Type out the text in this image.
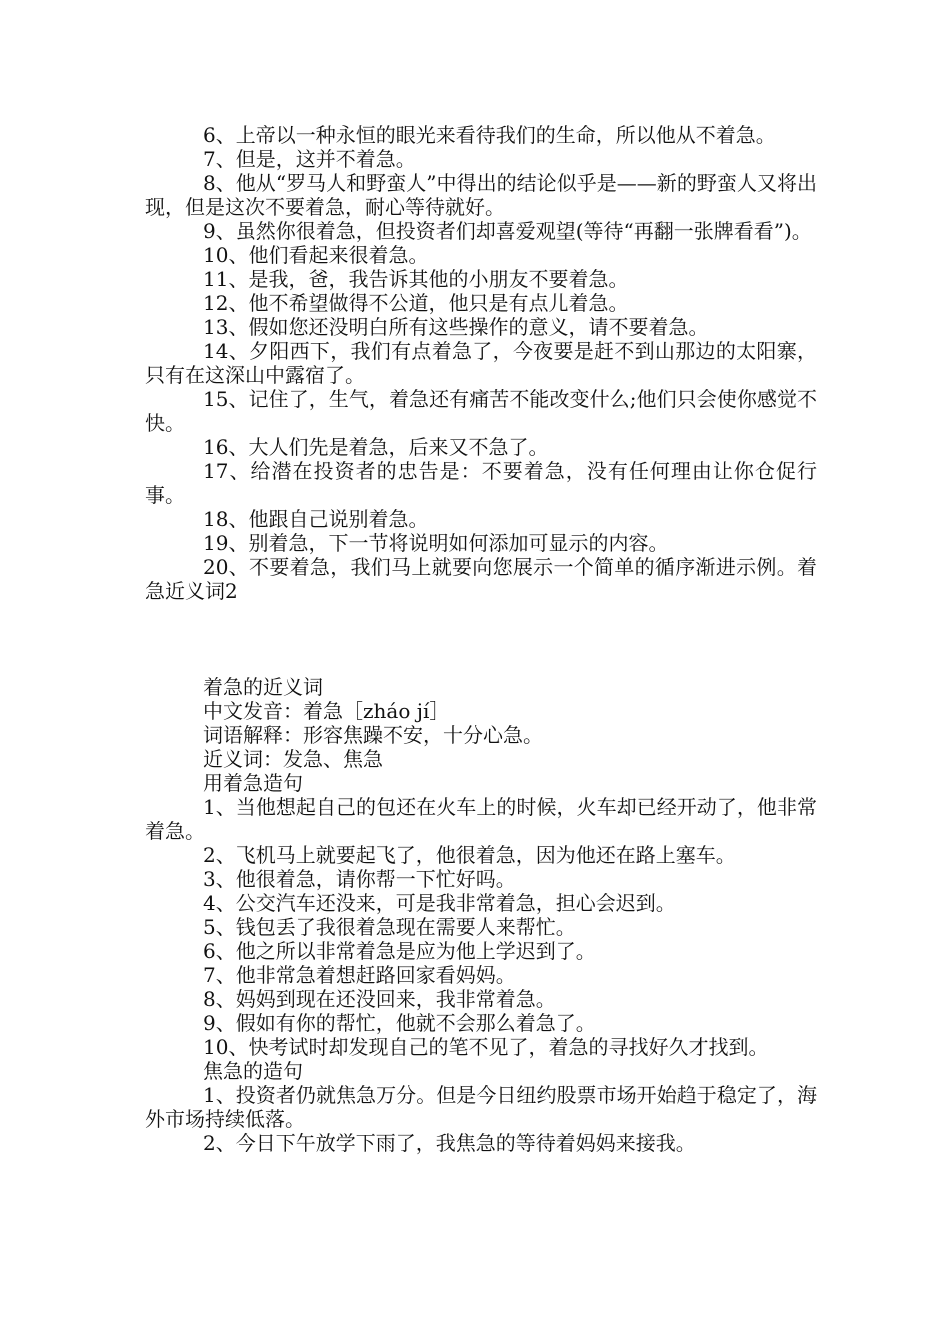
6、上帝以一种永恒的眼光来看待我们的生命，所以他从不着急。

7、但是，这并不着急。

8、他从“罗马人和野蛮人”中得出的结论似乎是——新的野蛮人又将出现，但是这次不要着急，耐心等待就好。

9、虽然你很着急，但投资者们却喜爱观望(等待“再翻一张牌看看”)。

10、他们看起来很着急。

11、是我，爸，我告诉其他的小朋友不要着急。

12、他不希望做得不公道，他只是有点儿着急。

13、假如您还没明白所有这些操作的意义，请不要着急。

14、夕阳西下，我们有点着急了，今夜要是赶不到山那边的太阳寨，只有在这深山中露宿了。

15、记住了，生气，着急还有痛苦不能改变什么;他们只会使你感觉不快。

16、大人们先是着急，后来又不急了。

17、给潜在投资者的忠告是：不要着急，没有任何理由让你仓促行事。

18、他跟自己说别着急。

19、别着急，下一节将说明如何添加可显示的内容。

20、不要着急，我们马上就要向您展示一个简单的循序渐进示例。着急近义词2

着急的近义词

中文发音：着急［zháo jí］

词语解释：形容焦躁不安，十分心急。

近义词：发急、焦急

用着急造句

1、当他想起自己的包还在火车上的时候，火车却已经开动了，他非常着急。

2、飞机马上就要起飞了，他很着急，因为他还在路上塞车。

3、他很着急，请你帮一下忙好吗。

4、公交汽车还没来，可是我非常着急，担心会迟到。

5、钱包丢了我很着急现在需要人来帮忙。

6、他之所以非常着急是应为他上学迟到了。

7、他非常急着想赶路回家看妈妈。

8、妈妈到现在还没回来，我非常着急。

9、假如有你的帮忙，他就不会那么着急了。

10、快考试时却发现自己的笔不见了，着急的寻找好久才找到。

焦急的造句

1、投资者仍就焦急万分。但是今日纽约股票市场开始趋于稳定了，海外市场持续低落。

2、今日下午放学下雨了，我焦急的等待着妈妈来接我。
